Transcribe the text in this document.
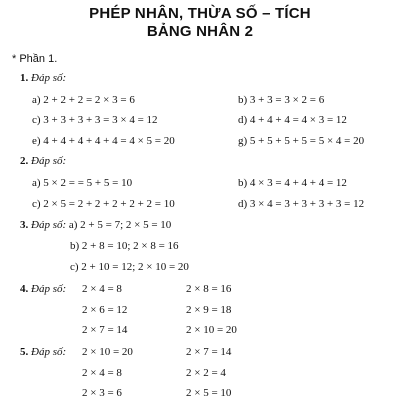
PHÉP NHÂN, THỪA SỐ – TÍCH
BẢNG NHÂN 2
* Phần 1.
1. Đáp số:
a) 2 + 2 + 2 = 2 × 3 = 6	b) 3 + 3 = 3 × 2 = 6
c) 3 + 3 + 3 + 3 = 3 × 4 = 12	d) 4 + 4 + 4 = 4 × 3 = 12
e) 4 + 4 + 4 + 4 + 4 = 4 × 5 = 20	g) 5 + 5 + 5 + 5 = 5 × 4 = 20
2. Đáp số:
a) 5 × 2 = = 5 + 5 = 10	b) 4 × 3 = 4 + 4 + 4 = 12
c) 2 × 5 = 2 + 2 + 2 + 2 + 2 = 10	d) 3 × 4 = 3 + 3 + 3 + 3 = 12
3. Đáp số: a) 2 + 5 = 7; 2 × 5 = 10
b) 2 + 8 = 10; 2 × 8 = 16
c) 2 + 10 = 12; 2 × 10 = 20
4. Đáp số: 2 × 4 = 8	2 × 8 = 16
2 × 6 = 12	2 × 9 = 18
2 × 7 = 14	2 × 10 = 20
5. Đáp số: 2 × 10 = 20	2 × 7 = 14
2 × 4 = 8	2 × 2 = 4
2 × 3 = 6	2 × 5 = 10
